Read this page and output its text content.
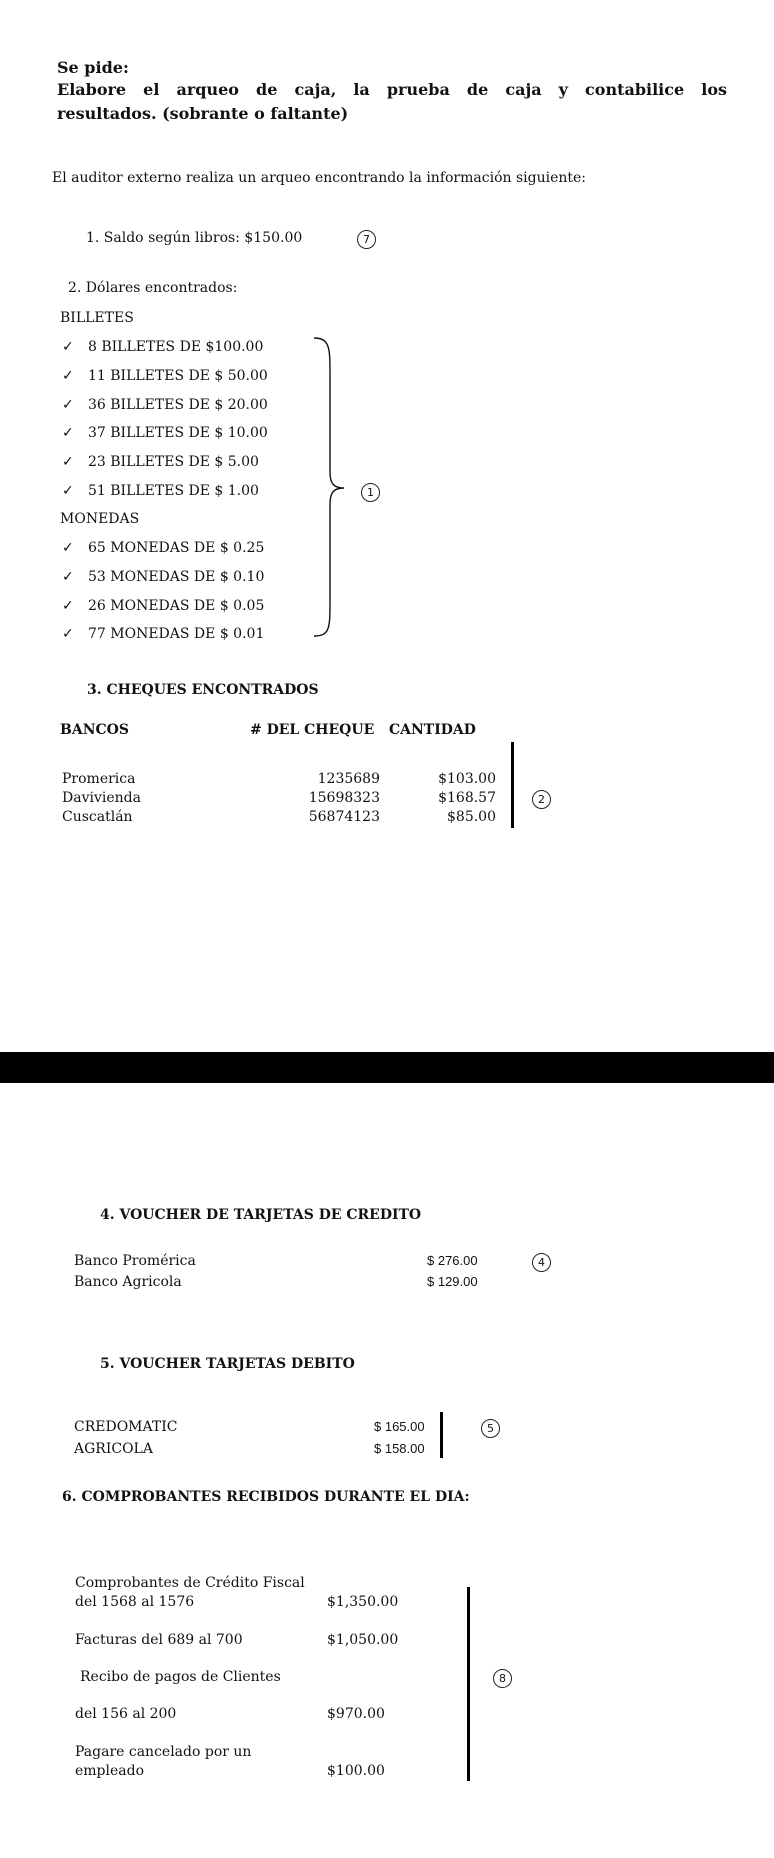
Se pide:
Elabore el arqueo de caja, la prueba de caja y contabilice los
resultados. (sobrante o faltante)
El auditor externo realiza un arqueo encontrando la información siguiente:
1. Saldo según libros: $150.00	7
2. Dólares encontrados:
BILLETES
✓ 8 BILLETES DE $100.00
✓ 11 BILLETES DE $ 50.00
✓ 36 BILLETES DE $ 20.00
✓ 37 BILLETES DE $ 10.00
✓ 23 BILLETES DE $ 5.00
✓ 51 BILLETES DE $ 1.00
MONEDAS
✓ 65 MONEDAS DE $ 0.25
✓ 53 MONEDAS DE $ 0.10
✓ 26 MONEDAS DE $ 0.05
✓ 77 MONEDAS DE $ 0.01
1
3. CHEQUES ENCONTRADOS
BANCOS	# DEL CHEQUE CANTIDAD
Promerica	1235689	$103.00
Davivienda	15698323	$168.57
Cuscatlán	56874123	$85.00
2
4. VOUCHER DE TARJETAS DE CREDITO
Banco Promérica	$ 276.00
Banco Agricola	$ 129.00
4
5. VOUCHER TARJETAS DEBITO
CREDOMATIC	$ 165.00
AGRICOLA	$ 158.00
5
6. COMPROBANTES RECIBIDOS DURANTE EL DIA:
Comprobantes de Crédito Fiscal
del 1568 al 1576	$1,350.00
Facturas del 689 al 700	$1,050.00
Recibo de pagos de Clientes
del 156 al 200	$970.00
Pagare cancelado por un
empleado	$100.00
8
